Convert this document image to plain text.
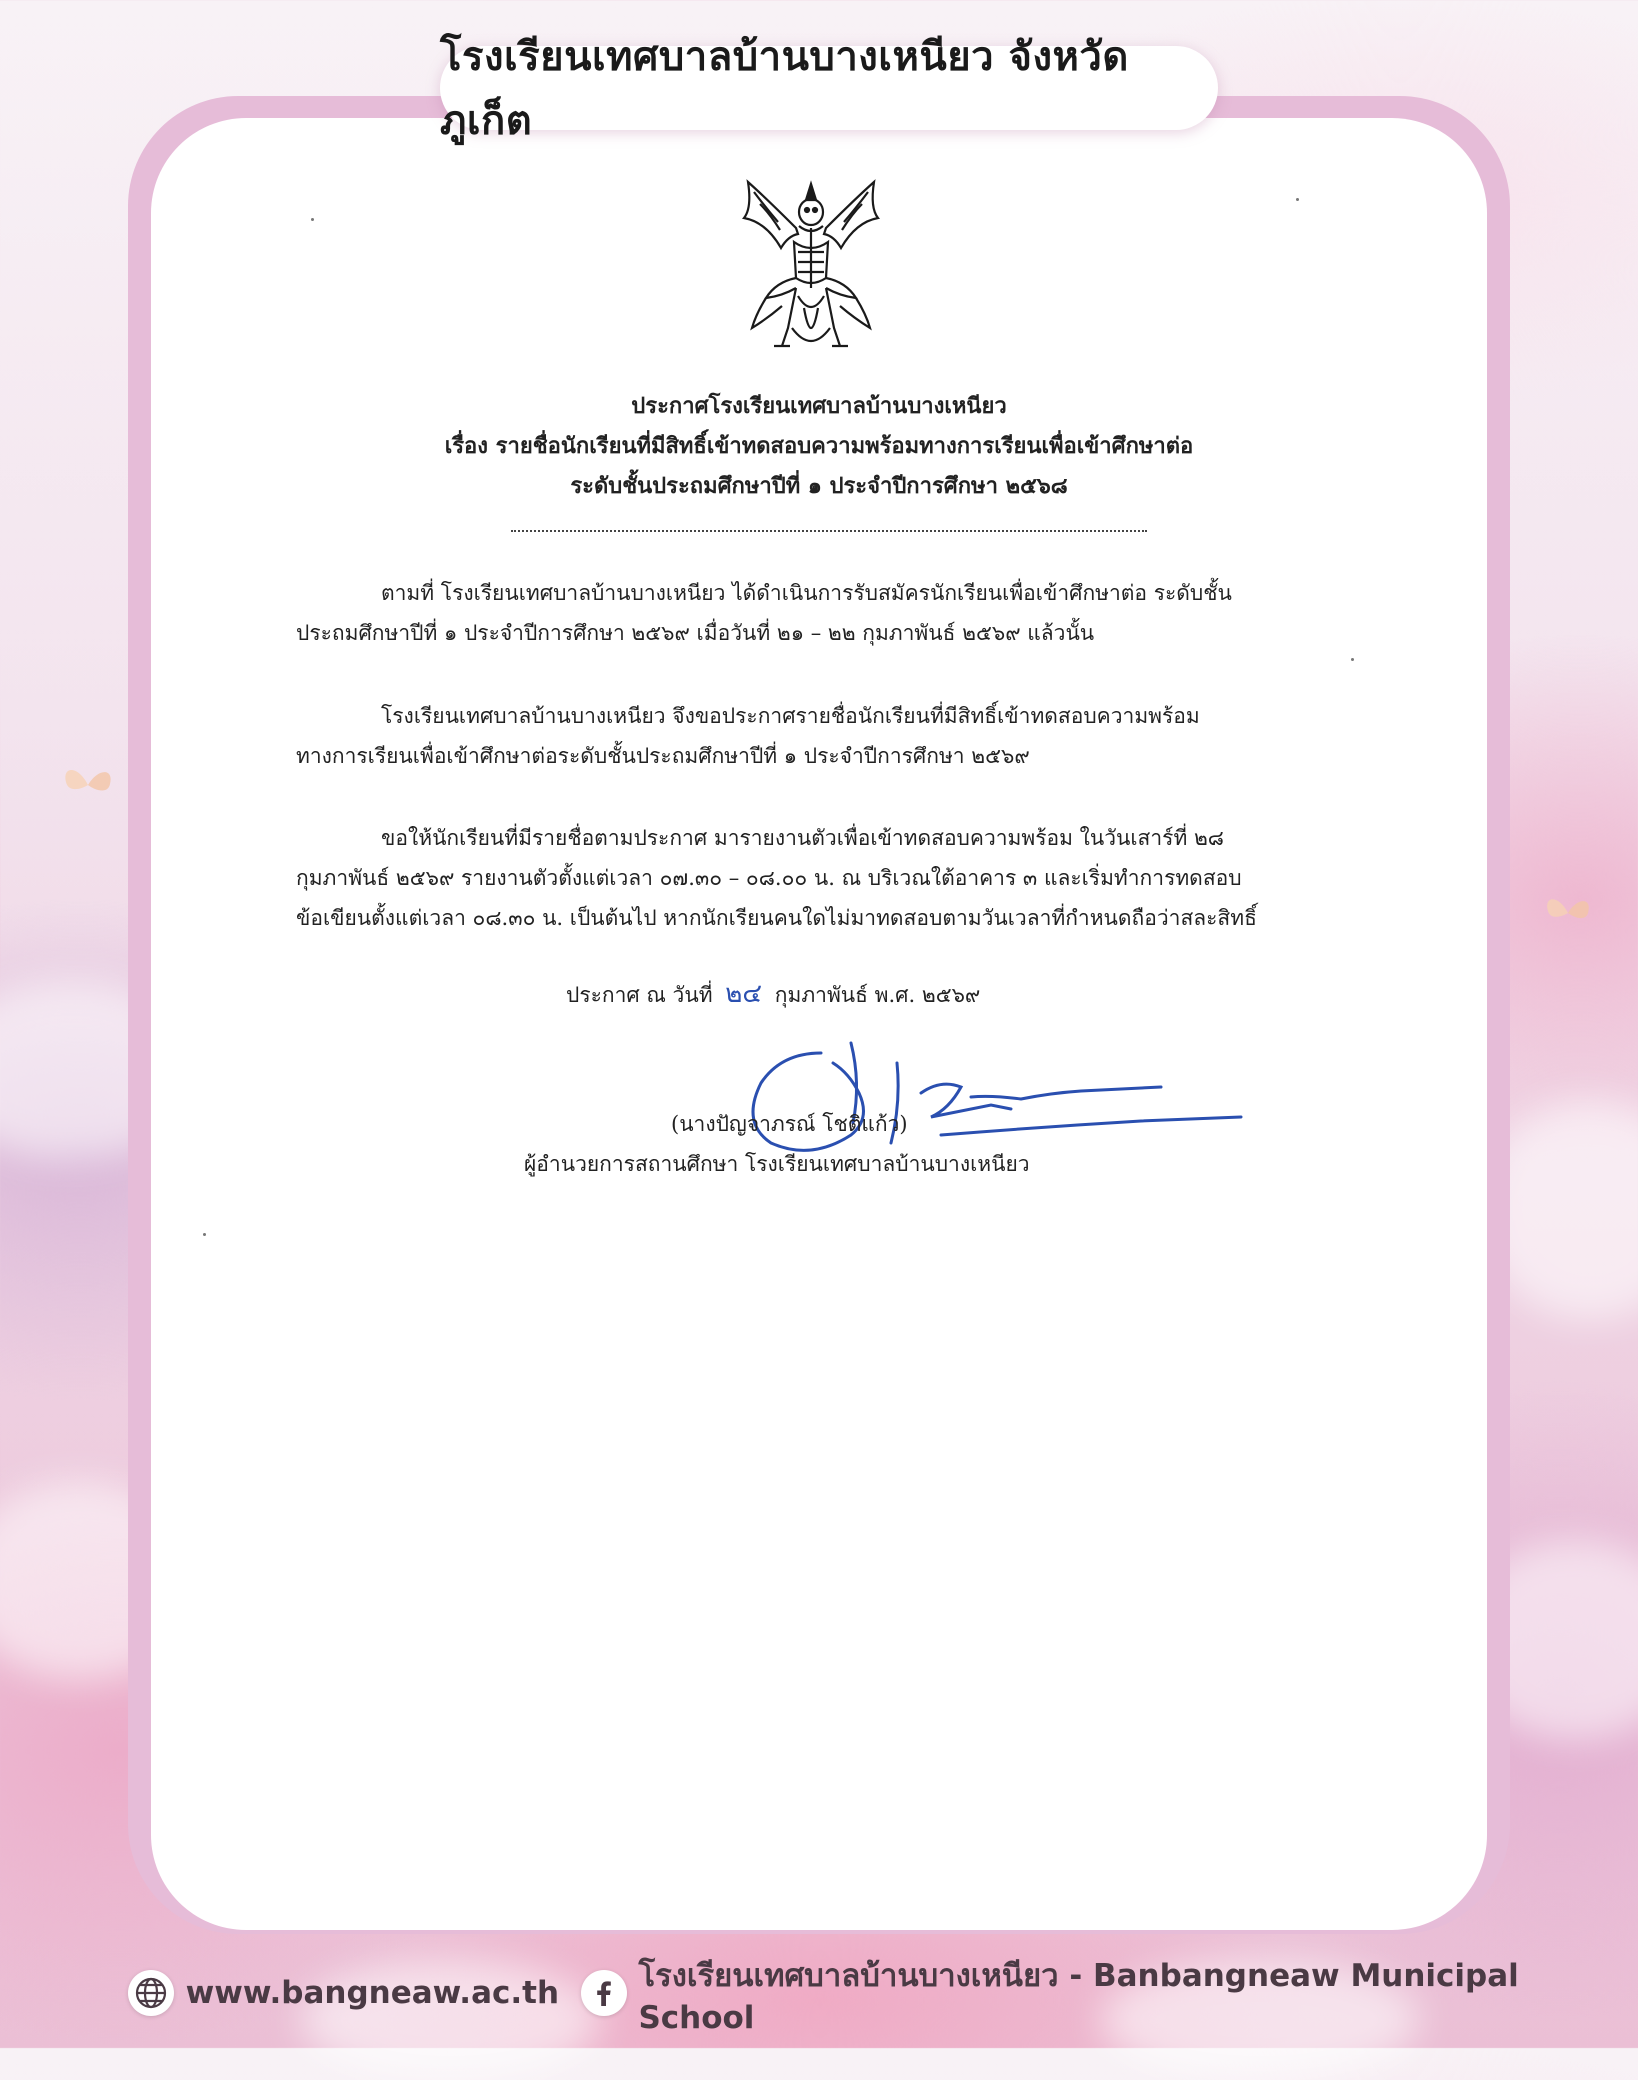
ประกาศโรงเรียนเทศบาลบ้านบางเหนียว
เรื่อง รายชื่อนักเรียนที่มีสิทธิ์เข้าทดสอบความพร้อมทางการเรียนเพื่อเข้าศึกษาต่อ
ระดับชั้นประถมศึกษาปีที่ ๑ ประจำปีการศึกษา ๒๕๖๘
ตามที่ โรงเรียนเทศบาลบ้านบางเหนียว ได้ดำเนินการรับสมัครนักเรียนเพื่อเข้าศึกษาต่อ ระดับชั้น
ประถมศึกษาปีที่ ๑ ประจำปีการศึกษา ๒๕๖๙ เมื่อวันที่ ๒๑ – ๒๒ กุมภาพันธ์ ๒๕๖๙ แล้วนั้น
โรงเรียนเทศบาลบ้านบางเหนียว จึงขอประกาศรายชื่อนักเรียนที่มีสิทธิ์เข้าทดสอบความพร้อม
ทางการเรียนเพื่อเข้าศึกษาต่อระดับชั้นประถมศึกษาปีที่ ๑ ประจำปีการศึกษา ๒๕๖๙
ขอให้นักเรียนที่มีรายชื่อตามประกาศ มารายงานตัวเพื่อเข้าทดสอบความพร้อม ในวันเสาร์ที่ ๒๘
กุมภาพันธ์ ๒๕๖๙ รายงานตัวตั้งแต่เวลา ๐๗.๓๐ – ๐๘.๐๐ น. ณ บริเวณใต้อาคาร ๓ และเริ่มทำการทดสอบ
ข้อเขียนตั้งแต่เวลา ๐๘.๓๐ น. เป็นต้นไป หากนักเรียนคนใดไม่มาทดสอบตามวันเวลาที่กำหนดถือว่าสละสิทธิ์
ประกาศ ณ วันที่ ๒๔ กุมภาพันธ์ พ.ศ. ๒๕๖๙
(นางปัญจาภรณ์ โชติแก้ว)
ผู้อำนวยการสถานศึกษา โรงเรียนเทศบาลบ้านบางเหนียว
โรงเรียนเทศบาลบ้านบางเหนียว จังหวัดภูเก็ต
www.bangneaw.ac.th	โรงเรียนเทศบาลบ้านบางเหนียว - Banbangneaw Municipal School
